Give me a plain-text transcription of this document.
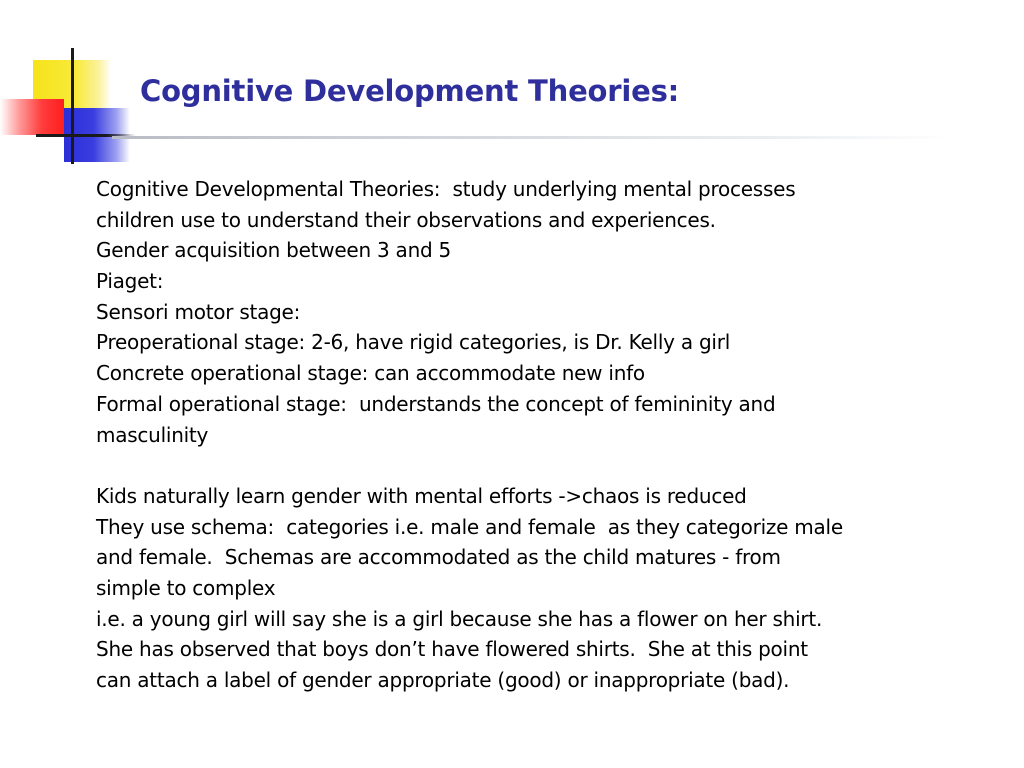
Cognitive Development Theories:
Cognitive Developmental Theories:  study underlying mental processes
children use to understand their observations and experiences.
Gender acquisition between 3 and 5
Piaget:
Sensori motor stage:
Preoperational stage: 2-6, have rigid categories, is Dr. Kelly a girl
Concrete operational stage: can accommodate new info
Formal operational stage:  understands the concept of femininity and
masculinity
Kids naturally learn gender with mental efforts ->chaos is reduced
They use schema:  categories i.e. male and female  as they categorize male
and female.  Schemas are accommodated as the child matures - from
simple to complex
i.e. a young girl will say she is a girl because she has a flower on her shirt.
She has observed that boys don’t have flowered shirts.  She at this point
can attach a label of gender appropriate (good) or inappropriate (bad).
